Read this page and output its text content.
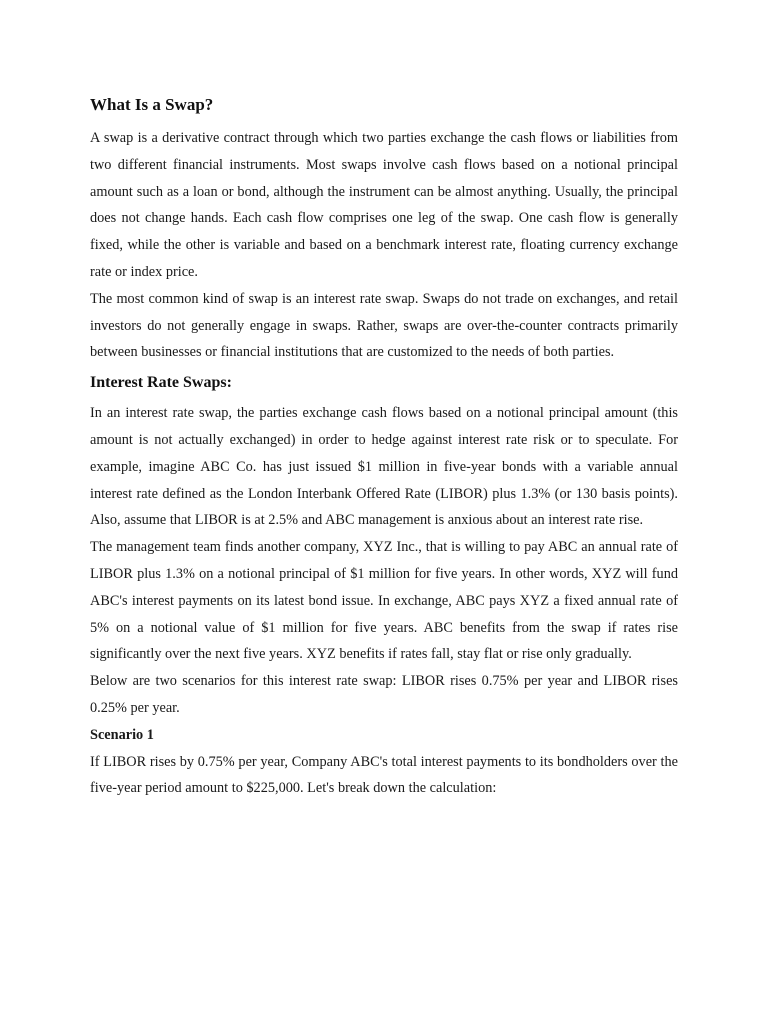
What Is a Swap?

A swap is a derivative contract through which two parties exchange the cash flows or liabilities from two different financial instruments. Most swaps involve cash flows based on a notional principal amount such as a loan or bond, although the instrument can be almost anything. Usually, the principal does not change hands. Each cash flow comprises one leg of the swap. One cash flow is generally fixed, while the other is variable and based on a benchmark interest rate, floating currency exchange rate or index price.

The most common kind of swap is an interest rate swap. Swaps do not trade on exchanges, and retail investors do not generally engage in swaps. Rather, swaps are over-the-counter contracts primarily between businesses or financial institutions that are customized to the needs of both parties.

Interest Rate Swaps:

In an interest rate swap, the parties exchange cash flows based on a notional principal amount (this amount is not actually exchanged) in order to hedge against interest rate risk or to speculate. For example, imagine ABC Co. has just issued $1 million in five-year bonds with a variable annual interest rate defined as the London Interbank Offered Rate (LIBOR) plus 1.3% (or 130 basis points). Also, assume that LIBOR is at 2.5% and ABC management is anxious about an interest rate rise.

The management team finds another company, XYZ Inc., that is willing to pay ABC an annual rate of LIBOR plus 1.3% on a notional principal of $1 million for five years. In other words, XYZ will fund ABC's interest payments on its latest bond issue. In exchange, ABC pays XYZ a fixed annual rate of 5% on a notional value of $1 million for five years. ABC benefits from the swap if rates rise significantly over the next five years. XYZ benefits if rates fall, stay flat or rise only gradually.

Below are two scenarios for this interest rate swap: LIBOR rises 0.75% per year and LIBOR rises 0.25% per year.

Scenario 1

If LIBOR rises by 0.75% per year, Company ABC's total interest payments to its bondholders over the five-year period amount to $225,000. Let's break down the calculation:
